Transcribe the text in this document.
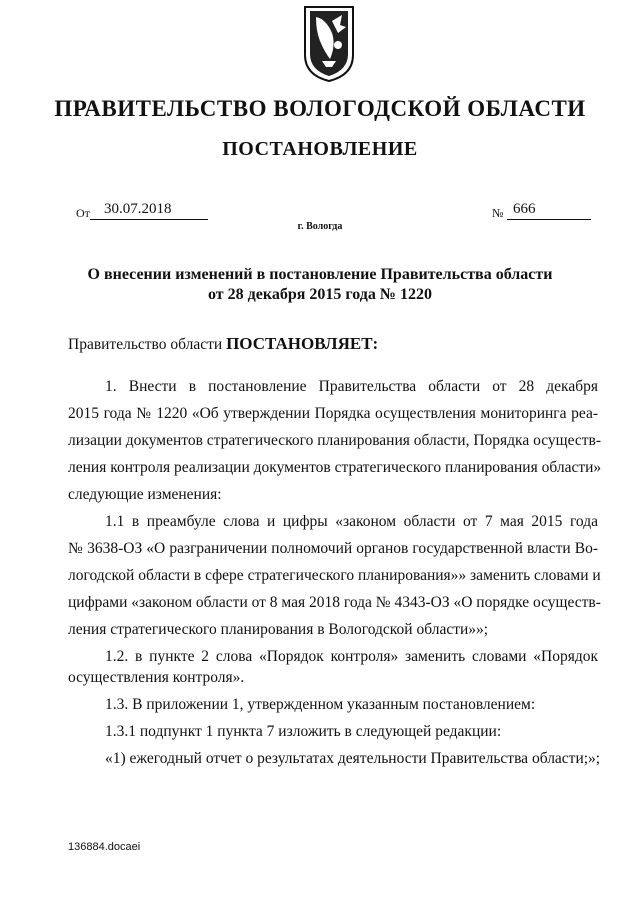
ПРАВИТЕЛЬСТВО ВОЛОГОДСКОЙ ОБЛАСТИ
ПОСТАНОВЛЕНИЕ
От 30.07.2018	№ 666
г. Вологда
О внесении изменений в постановление Правительства области
от 28 декабря 2015 года № 1220
Правительство области ПОСТАНОВЛЯЕТ:
1. Внести в постановление Правительства области от 28 декабря
2015 года № 1220 «Об утверждении Порядка осуществления мониторинга реа-
лизации документов стратегического планирования области, Порядка осуществ-
ления контроля реализации документов стратегического планирования области»
следующие изменения:
1.1 в преамбуле слова и цифры «законом области от 7 мая 2015 года
№ 3638-ОЗ «О разграничении полномочий органов государственной власти Во-
логодской области в сфере стратегического планирования»» заменить словами и
цифрами «законом области от 8 мая 2018 года № 4343-ОЗ «О порядке осуществ-
ления стратегического планирования в Вологодской области»»;
1.2. в пункте 2 слова «Порядок контроля» заменить словами «Порядок
осуществления контроля».
1.3. В приложении 1, утвержденном указанным постановлением:
1.3.1 подпункт 1 пункта 7 изложить в следующей редакции:
«1) ежегодный отчет о результатах деятельности Правительства области;»;
136884.docaei
